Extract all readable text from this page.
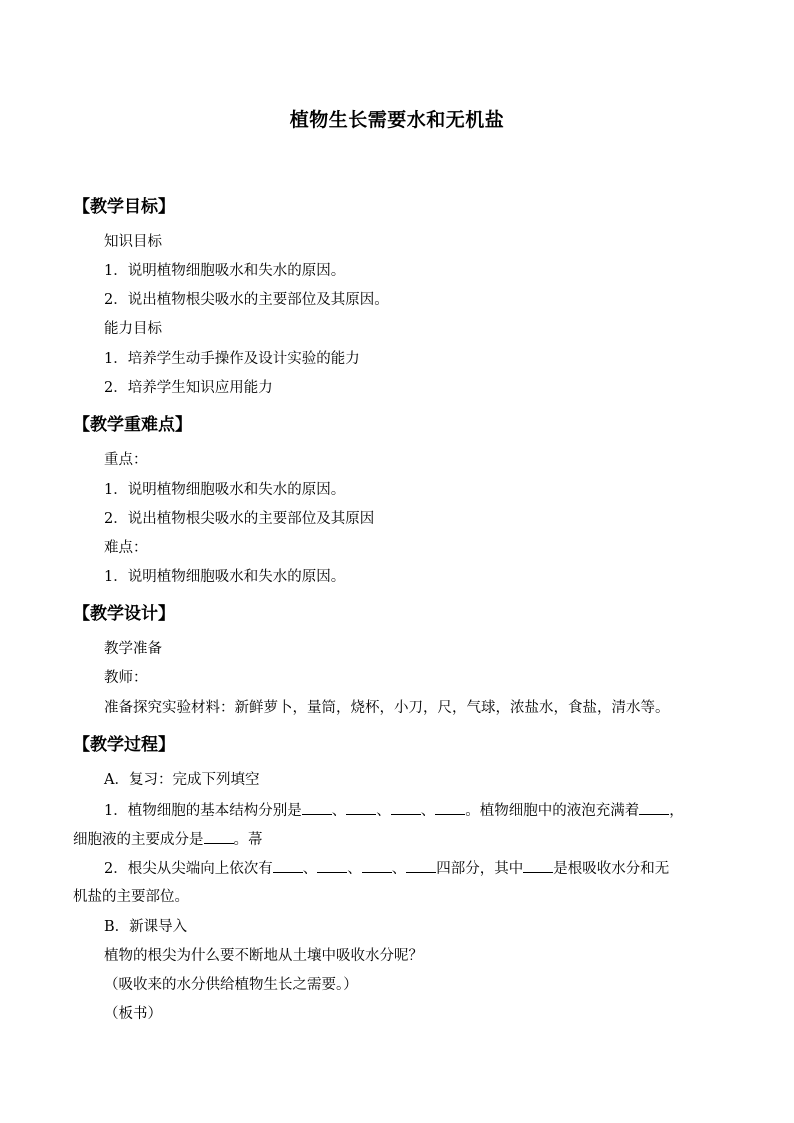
植物生长需要水和无机盐
【教学目标】
知识目标
1．说明植物细胞吸水和失水的原因。
2．说出植物根尖吸水的主要部位及其原因。
能力目标
1．培养学生动手操作及设计实验的能力
2．培养学生知识应用能力
【教学重难点】
重点：
1．说明植物细胞吸水和失水的原因。
2．说出植物根尖吸水的主要部位及其原因
难点：
1．说明植物细胞吸水和失水的原因。
【教学设计】
教学准备
教师：
准备探究实验材料：新鲜萝卜，量筒，烧杯，小刀，尺，气球，浓盐水，食盐，清水等。
【教学过程】
A．复习：完成下列填空
1．植物细胞的基本结构分别是 、 、 、 。植物细胞中的液泡充满着 ，
细胞液的主要成分是 。菷
2．根尖从尖端向上依次有 、 、 、 四部分，其中 是根吸收水分和无
机盐的主要部位。
B．新课导入
植物的根尖为什么要不断地从土壤中吸收水分呢？
（吸收来的水分供给植物生长之需要。）
（板书）
